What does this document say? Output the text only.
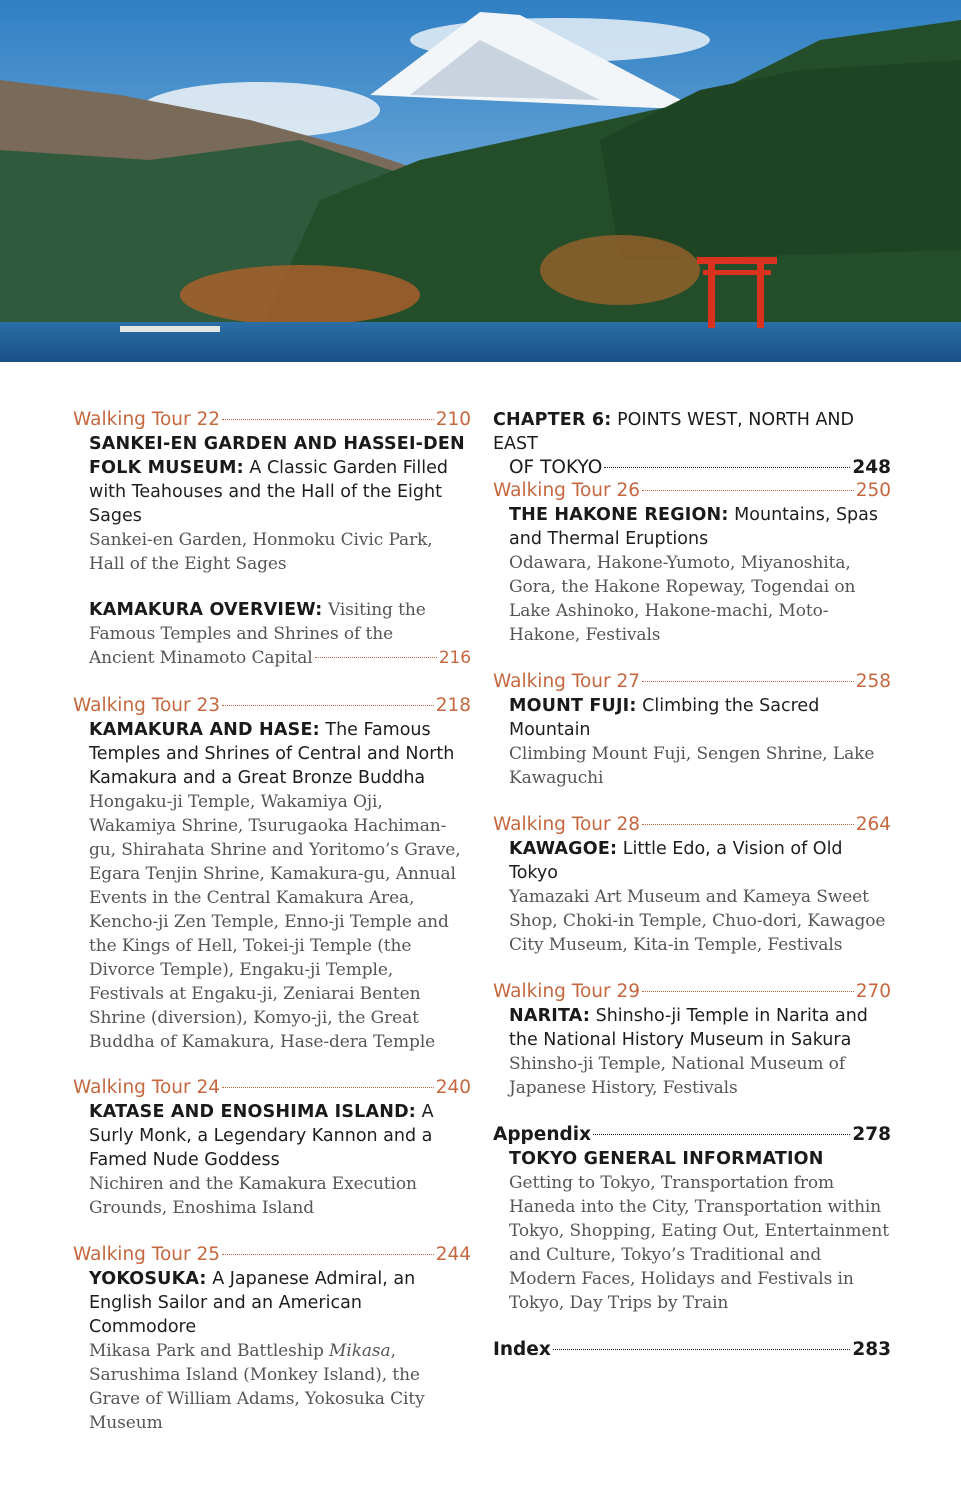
Walking Tour 22	210
SANKEI-EN GARDEN AND HASSEI-DEN FOLK MUSEUM: A Classic Garden Filled with Teahouses and the Hall of the Eight Sages
Sankei-en Garden, Honmoku Civic Park, Hall of the Eight Sages
KAMAKURA OVERVIEW: Visiting the Famous Temples and Shrines of the
Ancient Minamoto Capital	216
Walking Tour 23	218
KAMAKURA AND HASE: The Famous Temples and Shrines of Central and North Kamakura and a Great Bronze Buddha
Hongaku-ji Temple, Wakamiya Oji, Wakamiya Shrine, Tsurugaoka Hachiman-gu, Shirahata Shrine and Yoritomo’s Grave, Egara Tenjin Shrine, Kamakura-gu, Annual Events in the Central Kamakura Area, Kencho-ji Zen Temple, Enno-ji Temple and the Kings of Hell, Tokei-ji Temple (the Divorce Temple), Engaku-ji Temple, Festivals at Engaku-ji, Zeniarai Benten Shrine (diversion), Komyo-ji, the Great Buddha of Kamakura, Hase-dera Temple
Walking Tour 24	240
KATASE AND ENOSHIMA ISLAND: A Surly Monk, a Legendary Kannon and a Famed Nude Goddess
Nichiren and the Kamakura Execution Grounds, Enoshima Island
Walking Tour 25	244
YOKOSUKA: A Japanese Admiral, an English Sailor and an American Commodore
Mikasa Park and Battleship Mikasa, Sarushima Island (Monkey Island), the Grave of William Adams, Yokosuka City Museum
CHAPTER 6: POINTS WEST, NORTH AND EAST
OF TOKYO	248
Walking Tour 26	250
THE HAKONE REGION: Mountains, Spas and Thermal Eruptions
Odawara, Hakone-Yumoto, Miyanoshita, Gora, the Hakone Ropeway, Togendai on Lake Ashinoko, Hakone-machi, Moto-Hakone, Festivals
Walking Tour 27	258
MOUNT FUJI: Climbing the Sacred Mountain
Climbing Mount Fuji, Sengen Shrine, Lake Kawaguchi
Walking Tour 28	264
KAWAGOE: Little Edo, a Vision of Old Tokyo
Yamazaki Art Museum and Kameya Sweet Shop, Choki-in Temple, Chuo-dori, Kawagoe City Museum, Kita-in Temple, Festivals
Walking Tour 29	270
NARITA: Shinsho-ji Temple in Narita and the National History Museum in Sakura
Shinsho-ji Temple, National Museum of Japanese History, Festivals
Appendix	278
TOKYO GENERAL INFORMATION
Getting to Tokyo, Transportation from Haneda into the City, Transportation within Tokyo, Shopping, Eating Out, Entertainment and Culture, Tokyo’s Traditional and Modern Faces, Holidays and Festivals in Tokyo, Day Trips by Train
Index	283
